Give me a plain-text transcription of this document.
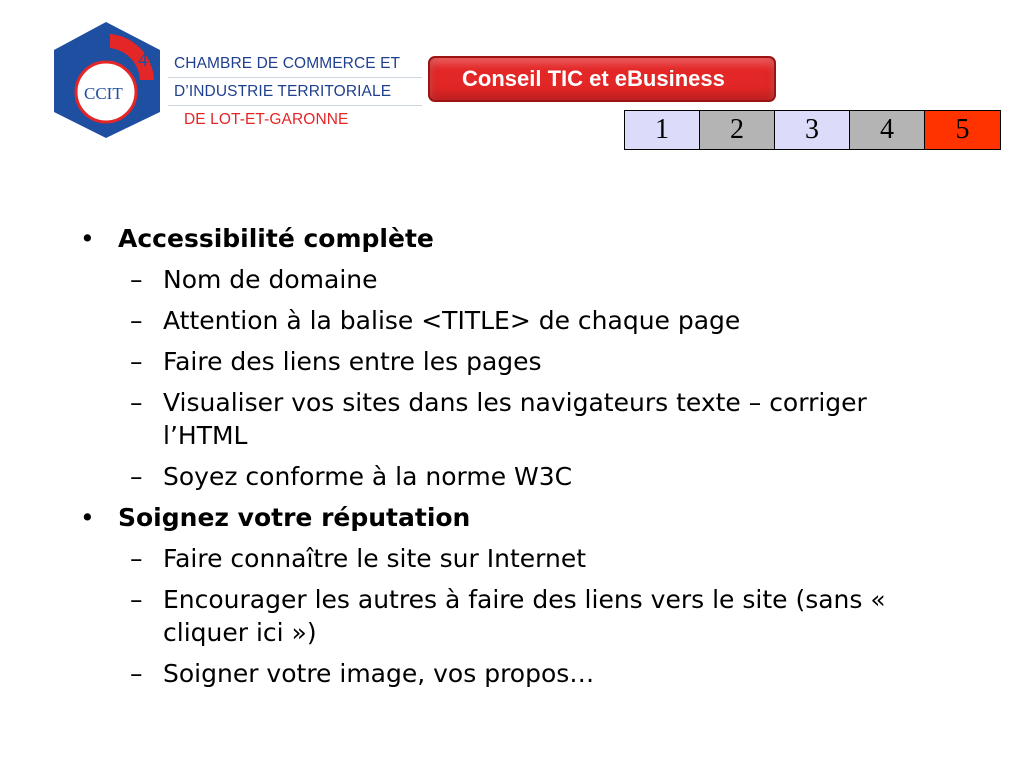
47
CCIT
CHAMBRE DE COMMERCE ET
D’INDUSTRIE TERRITORIALE
DE LOT-ET-GARONNE
Conseil TIC et eBusiness
1	2	3	4	5
• Accessibilité complète
– Nom de domaine
– Attention à la balise <TITLE> de chaque page
– Faire des liens entre les pages
– Visualiser vos sites dans les navigateurs texte – corriger l’HTML
– Soyez conforme à la norme W3C
• Soignez votre réputation
– Faire connaître le site sur Internet
– Encourager les autres à faire des liens vers le site (sans « cliquer ici »)
– Soigner votre image, vos propos…
